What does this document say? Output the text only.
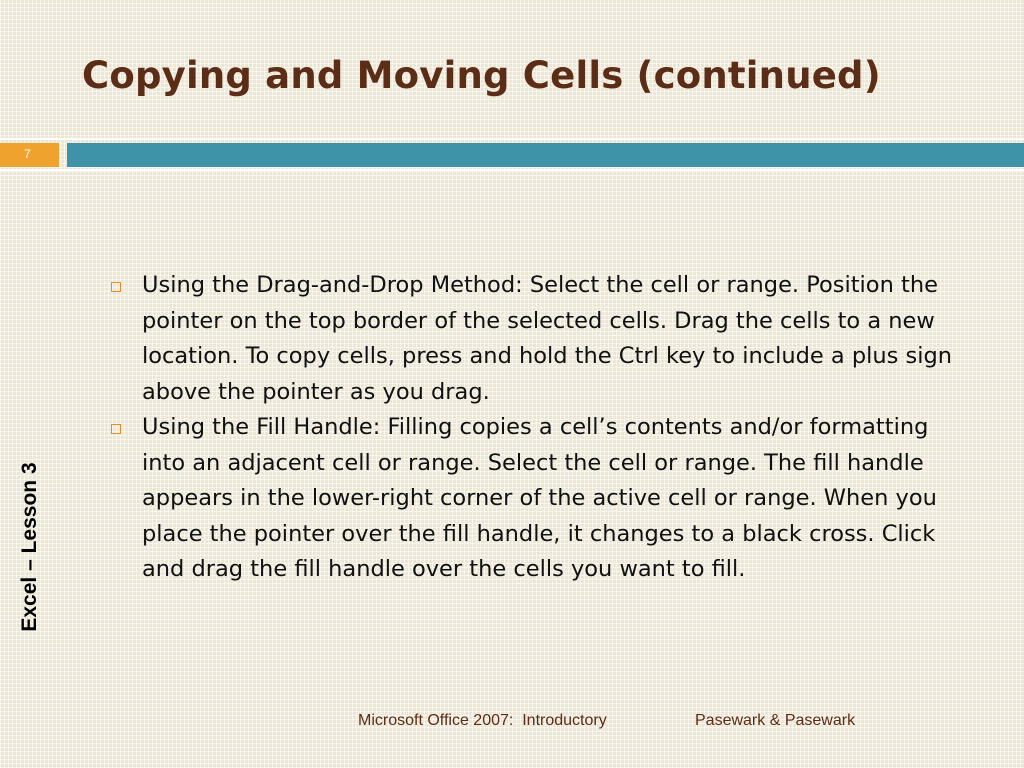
Copying and Moving Cells (continued)
7
Excel – Lesson 3
Using the Drag-and-Drop Method: Select the cell or range. Position the pointer on the top border of the selected cells. Drag the cells to a new location. To copy cells, press and hold the Ctrl key to include a plus sign above the pointer as you drag.
Using the Fill Handle: Filling copies a cell’s contents and/or formatting into an adjacent cell or range. Select the cell or range. The fill handle appears in the lower-right corner of the active cell or range. When you place the pointer over the fill handle, it changes to a black cross. Click and drag the fill handle over the cells you want to fill.
Microsoft Office 2007:  Introductory	Pasewark & Pasewark
